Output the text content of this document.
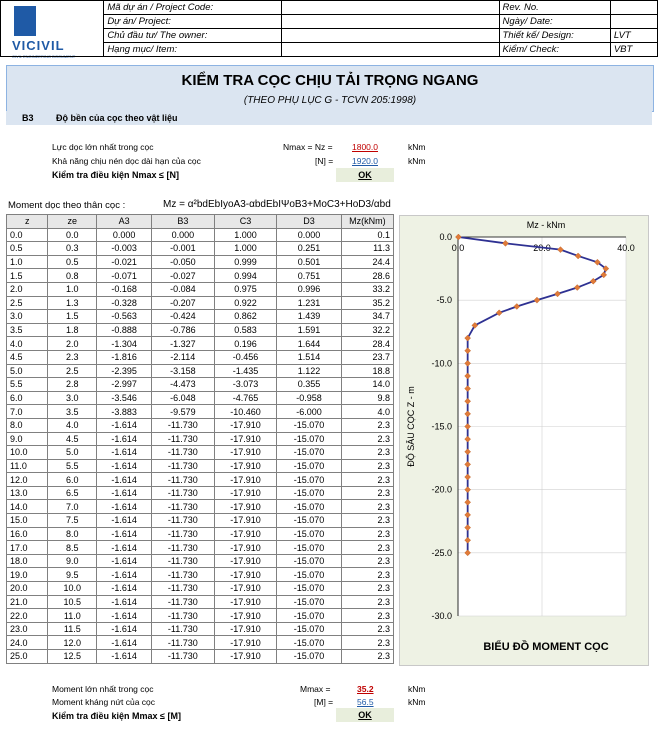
VICIVIL
CIVIL ENGINEERING DOCUMENT
	Mã dự án / Project Code:		Rev. No.	
	Dự án/ Project:		Ngày/ Date:	
	Chủ đầu tư/ The owner:		Thiết kế/ Design:	LVT
	Hạng mục/ Item:		Kiểm/ Check:	VBT
KIỂM TRA CỌC CHỊU TẢI TRỌNG NGANG
(THEO PHỤ LỤC G - TCVN 205:1998)
B3 Độ bền của cọc theo vật liệu
Lực dọc lớn nhất trong cọc	Nmax = Nz = 1800.0	kNm
Khả năng chịu nén dọc dài hạn của cọc	[N] = 1920.0	kNm
Kiểm tra điều kiện Nmax ≤ [N]	OK
Moment dọc theo thân cọc :	Mz = α²bdEbIyoA3-αbdEbIΨoB3+MoC3+HoD3/αbd
z	ze	A3	B3	C3	D3	Mz(kNm)
0.0	0.0	0.000	0.000	1.000	0.000	0.1
0.5	0.3	-0.003	-0.001	1.000	0.251	11.3
1.0	0.5	-0.021	-0.050	0.999	0.501	24.4
1.5	0.8	-0.071	-0.027	0.994	0.751	28.6
2.0	1.0	-0.168	-0.084	0.975	0.996	33.2
2.5	1.3	-0.328	-0.207	0.922	1.231	35.2
3.0	1.5	-0.563	-0.424	0.862	1.439	34.7
3.5	1.8	-0.888	-0.786	0.583	1.591	32.2
4.0	2.0	-1.304	-1.327	0.196	1.644	28.4
4.5	2.3	-1.816	-2.114	-0.456	1.514	23.7
5.0	2.5	-2.395	-3.158	-1.435	1.122	18.8
5.5	2.8	-2.997	-4.473	-3.073	0.355	14.0
6.0	3.0	-3.546	-6.048	-4.765	-0.958	9.8
7.0	3.5	-3.883	-9.579	-10.460	-6.000	4.0
8.0	4.0	-1.614	-11.730	-17.910	-15.070	2.3
9.0	4.5	-1.614	-11.730	-17.910	-15.070	2.3
10.0	5.0	-1.614	-11.730	-17.910	-15.070	2.3
11.0	5.5	-1.614	-11.730	-17.910	-15.070	2.3
12.0	6.0	-1.614	-11.730	-17.910	-15.070	2.3
13.0	6.5	-1.614	-11.730	-17.910	-15.070	2.3
14.0	7.0	-1.614	-11.730	-17.910	-15.070	2.3
15.0	7.5	-1.614	-11.730	-17.910	-15.070	2.3
16.0	8.0	-1.614	-11.730	-17.910	-15.070	2.3
17.0	8.5	-1.614	-11.730	-17.910	-15.070	2.3
18.0	9.0	-1.614	-11.730	-17.910	-15.070	2.3
19.0	9.5	-1.614	-11.730	-17.910	-15.070	2.3
20.0	10.0	-1.614	-11.730	-17.910	-15.070	2.3
21.0	10.5	-1.614	-11.730	-17.910	-15.070	2.3
22.0	11.0	-1.614	-11.730	-17.910	-15.070	2.3
23.0	11.5	-1.614	-11.730	-17.910	-15.070	2.3
24.0	12.0	-1.614	-11.730	-17.910	-15.070	2.3
25.0	12.5	-1.614	-11.730	-17.910	-15.070	2.3
0.0	20.0	40.0
0.0
-5.0
-10.0
-15.0
-20.0
-25.0
-30.0
Mz - kNm
ĐỘ SÂU CỌC Z - m
BIỂU ĐỒ MOMENT CỌC
Moment lớn nhất trong cọc	Mmax =	35.2	kNm
Moment kháng nứt của cọc	[M] =	56.5	kNm
Kiểm tra điều kiện Mmax ≤ [M]	OK
